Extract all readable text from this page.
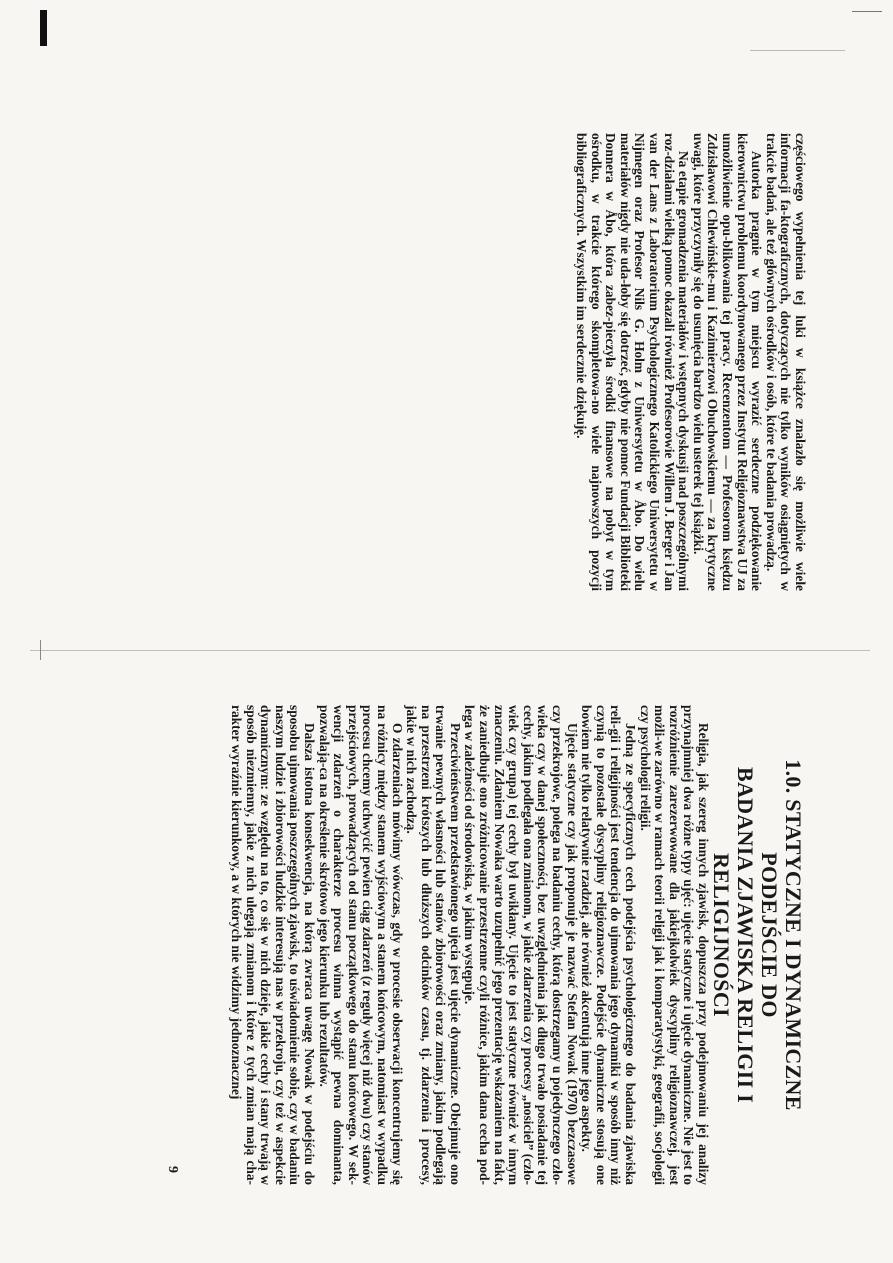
częściowego wypełnienia tej luki w książce znalazło się możliwie wiele informacji fa-ktograficznych, dotyczących nie tylko wyników osiągniętych w trakcie badań, ale też głównych ośrodków i osób, które te badania prowadzą.

Autorka pragnie w tym miejscu wyrazić serdeczne podziękowanie kierownictwu problemu koordynowanego przez Instytut Religioznawstwa UJ za umożliwienie opu-blikowania tej pracy. Recenzentom — Profesorom księdzu Zdzisławowi Chlewińskie-mu i Kazimierzowi Obuchowskiemu — za krytyczne uwagi, które przyczyniły się do usunięcia bardzo wielu usterek tej książki.

Na etapie gromadzenia materiałów i wstępnych dyskusji nad poszczególnymi roz-działami wielką pomoc okazali również Profesorowie Willem J. Berger i Jan van der Lans z Laboratorium Psychologicznego Katolickiego Uniwersytetu w Nijmegen oraz Profesor Nils G. Holm z Uniwersytetu w Åbo. Do wielu materiałów nigdy nie uda-łoby się dotrzeć, gdyby nie pomoc Fundacji Biblioteki Donnera w Åbo, która zabez-pieczyła środki finansowe na pobyt w tym ośrodku, w trakcie którego skompletowa-no wiele najnowszych pozycji bibliograficznych. Wszystkim im serdecznie dziękuję.

1.0. STATYCZNE I DYNAMICZNE PODEJŚCIE DO
BADANIA ZJAWISKA RELIGII I RELIGIJNOŚCI

Religia, jak szereg innych zjawisk, dopuszcza przy podejmowaniu jej analizy przynajmniej dwa różne typy ujęć: ujęcie statyczne i ujęcie dynamiczne. Nie jest to rozróżnienie zarezerwowane dla jakiejkolwiek dyscypliny religioznawczej, jest możli-we zarówno w ramach teorii religii jak i komparatystyki, geografii, socjologii czy psychologii religii.

Jedną ze specyficznych cech podejścia psychologicznego do badania zjawiska reli-gii i religijności jest tendencja do ujmowania jego dynamiki w sposób inny niż czynią to pozostałe dyscypliny religioznawcze. Podejście dynamiczne stosują one bowiem nie tylko relatywnie rzadziej, ale również akcentują inne jego aspekty.

Ujęcie statyczne czy jak proponuje je nazwać Stefan Nowak (1970) bezczasowe czy przekrojowe, polega na badaniu cechy, którą dostrzegamy u pojedynczego czło-wieka czy w danej społeczności, bez uwzględnienia jak długo trwało posiadanie tej cechy, jakim podlegała ona zmianom, w jakie zdarzenia czy procesy „nosiciel” (czło-wiek czy grupa) tej cechy był uwikłany. Ujęcie to jest statyczne również w innym znaczeniu. Zdaniem Nowaka warto uzupełnić jego prezentację wskazaniem na fakt, że zaniedbuje ono zróżnicowanie przestrzenne czyli różnice, jakim dana cecha pod-lega w zależności od środowiska, w jakim występuje.

Przeciwieństwem przedstawionego ujęcia jest ujęcie dynamiczne. Obejmuje ono trwanie pewnych własności lub stanów zbiorowości oraz zmiany, jakim podlegają na przestrzeni krótszych lub dłuższych odcinków czasu, tj. zdarzenia i procesy, jakie w nich zachodzą.

O zdarzeniach mówimy wówczas, gdy w procesie obserwacji koncentrujemy się na różnicy między stanem wyjściowym a stanem końcowym, natomiast w wypadku procesu chcemy uchwycić pewien ciąg zdarzeń (z reguły więcej niż dwu) czy stanów przejściowych, prowadzących od stanu początkowego do stanu końcowego. W sek-wencji zdarzeń o charakterze procesu winna wystąpić pewna dominanta, pozwalają-ca na określenie skrótowo jego kierunku lub rezultatów.

Dalsza istotna konsekwencja, na którą zwraca uwagę Nowak w podejściu do sposobu ujmowania poszczególnych zjawisk, to uświadomienie sobie, czy w badaniu naszym ludzie i zbiorowości ludzkie interesują nas w przekroju, czy też w aspekcie dynamicznym: ze względu na to, co się w nich dzieje, jakie cechy i stany trwają w sposób niezmienny, jakie z nich ulegają zmianom i które z tych zmian mają cha-rakter wyraźnie kierunkowy, a w których nie widzimy jednoznacznej

9
